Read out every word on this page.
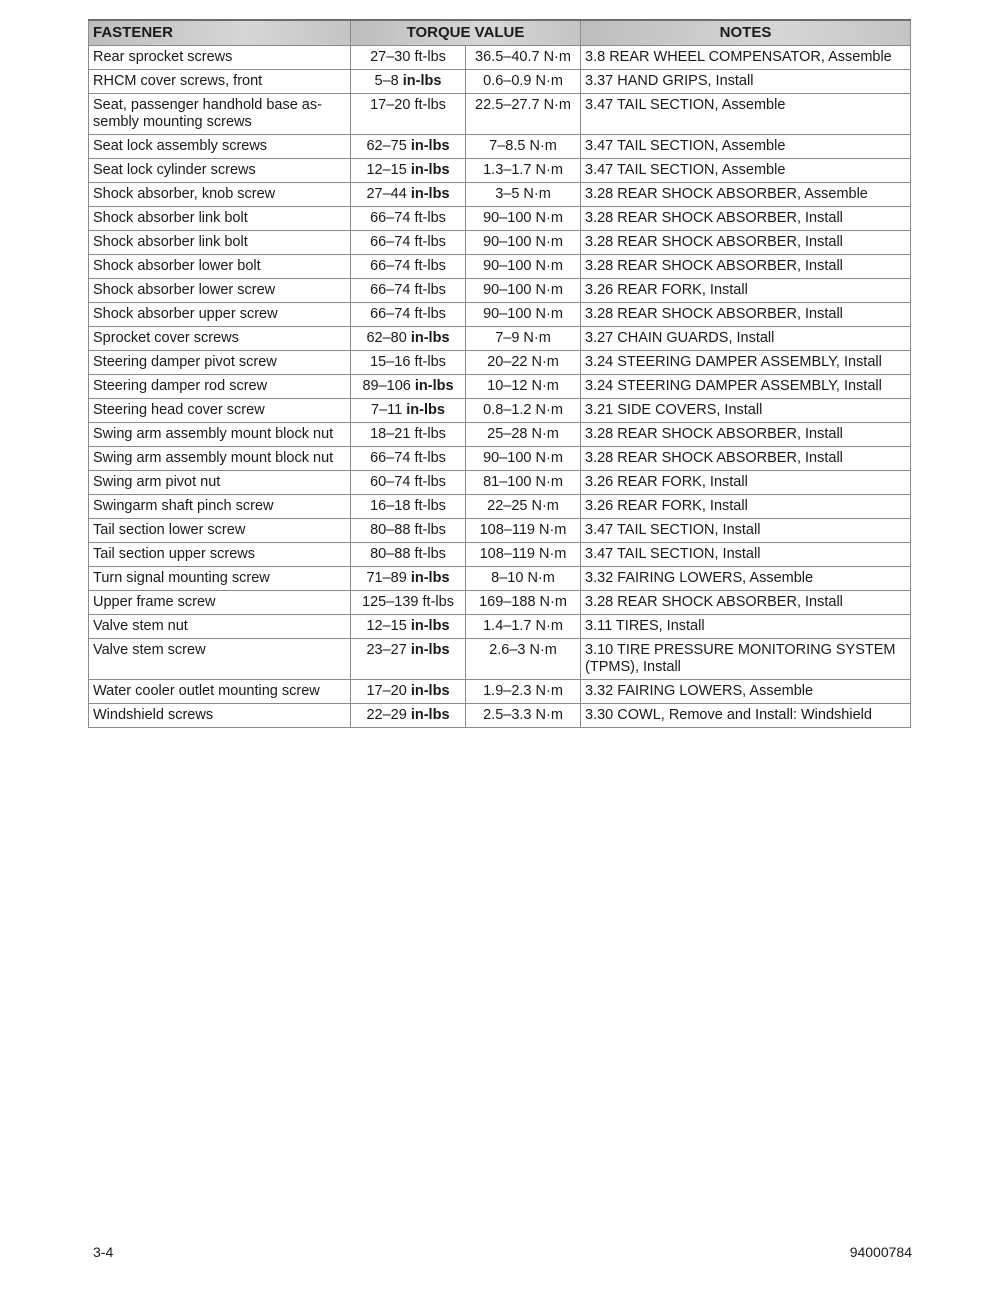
FASTENER	TORQUE VALUE		NOTES
Rear sprocket screws	27–30 ft-lbs	36.5–40.7 N·m	3.8 REAR WHEEL COMPENSATOR, Assemble
RHCM cover screws, front	5–8 in-lbs	0.6–0.9 N·m	3.37 HAND GRIPS, Install
Seat, passenger handhold base as-sembly mounting screws	17–20 ft-lbs	22.5–27.7 N·m	3.47 TAIL SECTION, Assemble
Seat lock assembly screws	62–75 in-lbs	7–8.5 N·m	3.47 TAIL SECTION, Assemble
Seat lock cylinder screws	12–15 in-lbs	1.3–1.7 N·m	3.47 TAIL SECTION, Assemble
Shock absorber, knob screw	27–44 in-lbs	3–5 N·m	3.28 REAR SHOCK ABSORBER, Assemble
Shock absorber link bolt	66–74 ft-lbs	90–100 N·m	3.28 REAR SHOCK ABSORBER, Install
Shock absorber link bolt	66–74 ft-lbs	90–100 N·m	3.28 REAR SHOCK ABSORBER, Install
Shock absorber lower bolt	66–74 ft-lbs	90–100 N·m	3.28 REAR SHOCK ABSORBER, Install
Shock absorber lower screw	66–74 ft-lbs	90–100 N·m	3.26 REAR FORK, Install
Shock absorber upper screw	66–74 ft-lbs	90–100 N·m	3.28 REAR SHOCK ABSORBER, Install
Sprocket cover screws	62–80 in-lbs	7–9 N·m	3.27 CHAIN GUARDS, Install
Steering damper pivot screw	15–16 ft-lbs	20–22 N·m	3.24 STEERING DAMPER ASSEMBLY, Install
Steering damper rod screw	89–106 in-lbs	10–12 N·m	3.24 STEERING DAMPER ASSEMBLY, Install
Steering head cover screw	7–11 in-lbs	0.8–1.2 N·m	3.21 SIDE COVERS, Install
Swing arm assembly mount block nut	18–21 ft-lbs	25–28 N·m	3.28 REAR SHOCK ABSORBER, Install
Swing arm assembly mount block nut	66–74 ft-lbs	90–100 N·m	3.28 REAR SHOCK ABSORBER, Install
Swing arm pivot nut	60–74 ft-lbs	81–100 N·m	3.26 REAR FORK, Install
Swingarm shaft pinch screw	16–18 ft-lbs	22–25 N·m	3.26 REAR FORK, Install
Tail section lower screw	80–88 ft-lbs	108–119 N·m	3.47 TAIL SECTION, Install
Tail section upper screws	80–88 ft-lbs	108–119 N·m	3.47 TAIL SECTION, Install
Turn signal mounting screw	71–89 in-lbs	8–10 N·m	3.32 FAIRING LOWERS, Assemble
Upper frame screw	125–139 ft-lbs	169–188 N·m	3.28 REAR SHOCK ABSORBER, Install
Valve stem nut	12–15 in-lbs	1.4–1.7 N·m	3.11 TIRES, Install
Valve stem screw	23–27 in-lbs	2.6–3 N·m	3.10 TIRE PRESSURE MONITORING SYSTEM (TPMS), Install
Water cooler outlet mounting screw	17–20 in-lbs	1.9–2.3 N·m	3.32 FAIRING LOWERS, Assemble
Windshield screws	22–29 in-lbs	2.5–3.3 N·m	3.30 COWL, Remove and Install: Windshield
3-4	94000784
